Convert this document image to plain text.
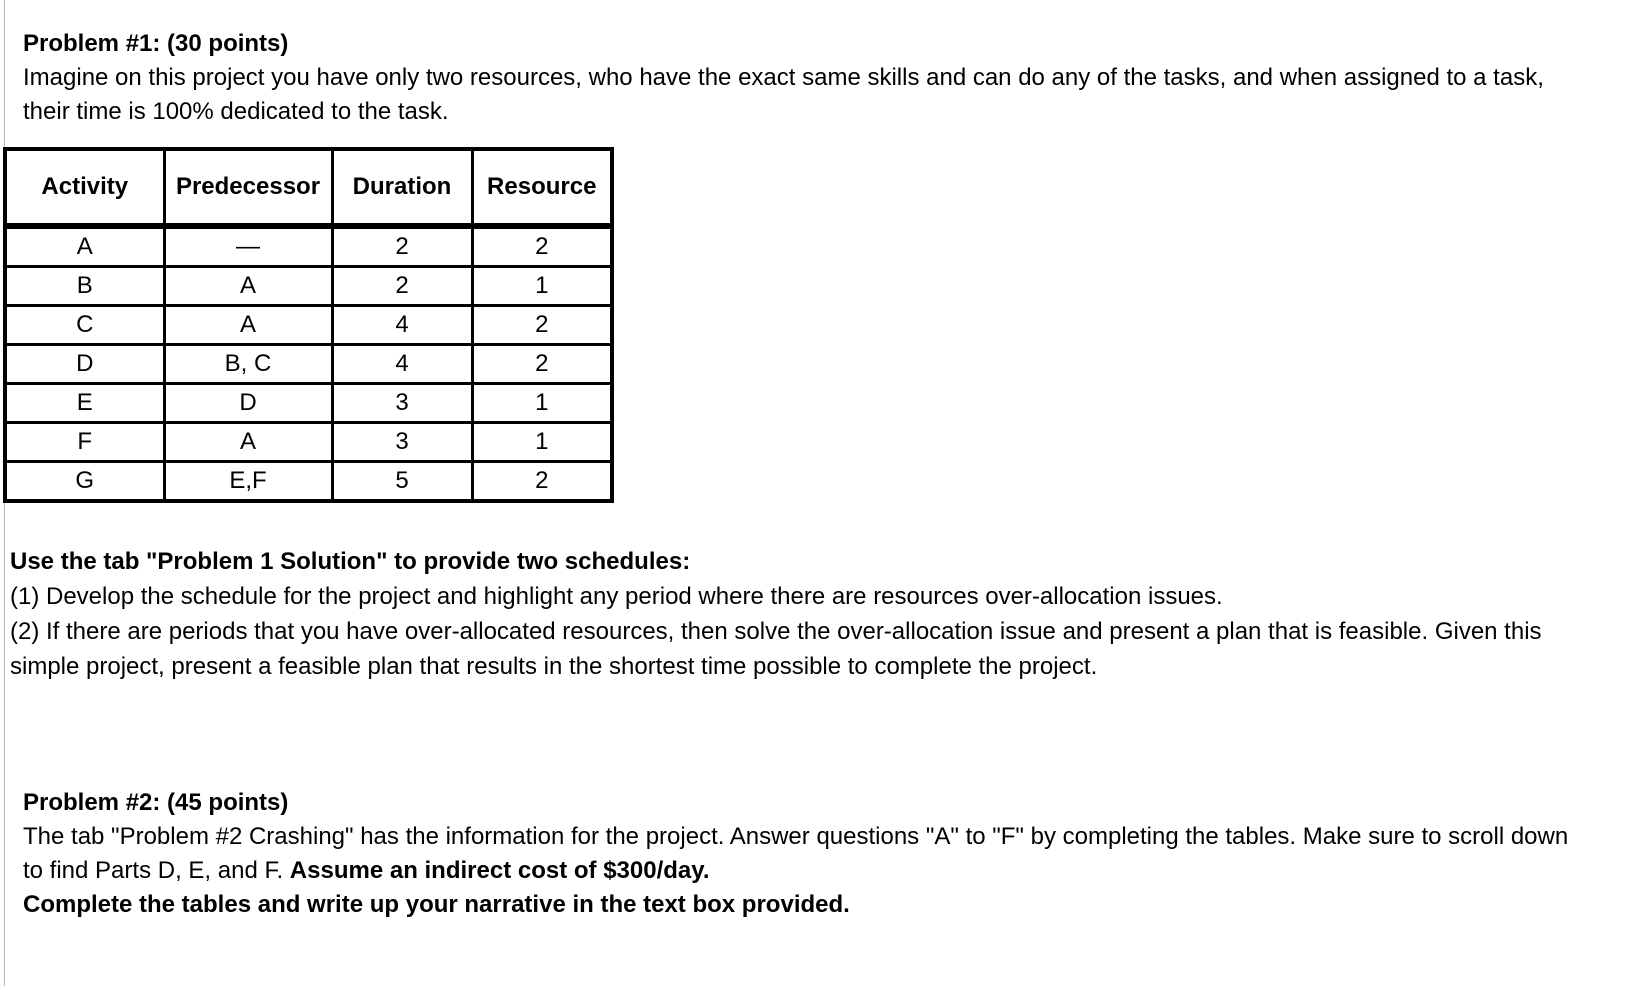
Problem #1: (30 points)
Imagine on this project you have only two resources, who have the exact same skills and can do any of the tasks, and when assigned to a task, their time is 100% dedicated to the task.
Activity	Predecessor	Duration	Resource
A	—	2	2
B	A	2	1
C	A	4	2
D	B, C	4	2
E	D	3	1
F	A	3	1
G	E,F	5	2
Use the tab "Problem 1 Solution" to provide two schedules:
(1) Develop the schedule for the project and highlight any period where there are resources over-allocation issues.
(2) If there are periods that you have over-allocated resources, then solve the over-allocation issue and present a plan that is feasible. Given this simple project, present a feasible plan that results in the shortest time possible to complete the project.
Problem #2: (45 points)
The tab "Problem #2 Crashing" has the information for the project. Answer questions "A" to "F" by completing the tables. Make sure to scroll down to find Parts D, E, and F. Assume an indirect cost of $300/day.
Complete the tables and write up your narrative in the text box provided.
